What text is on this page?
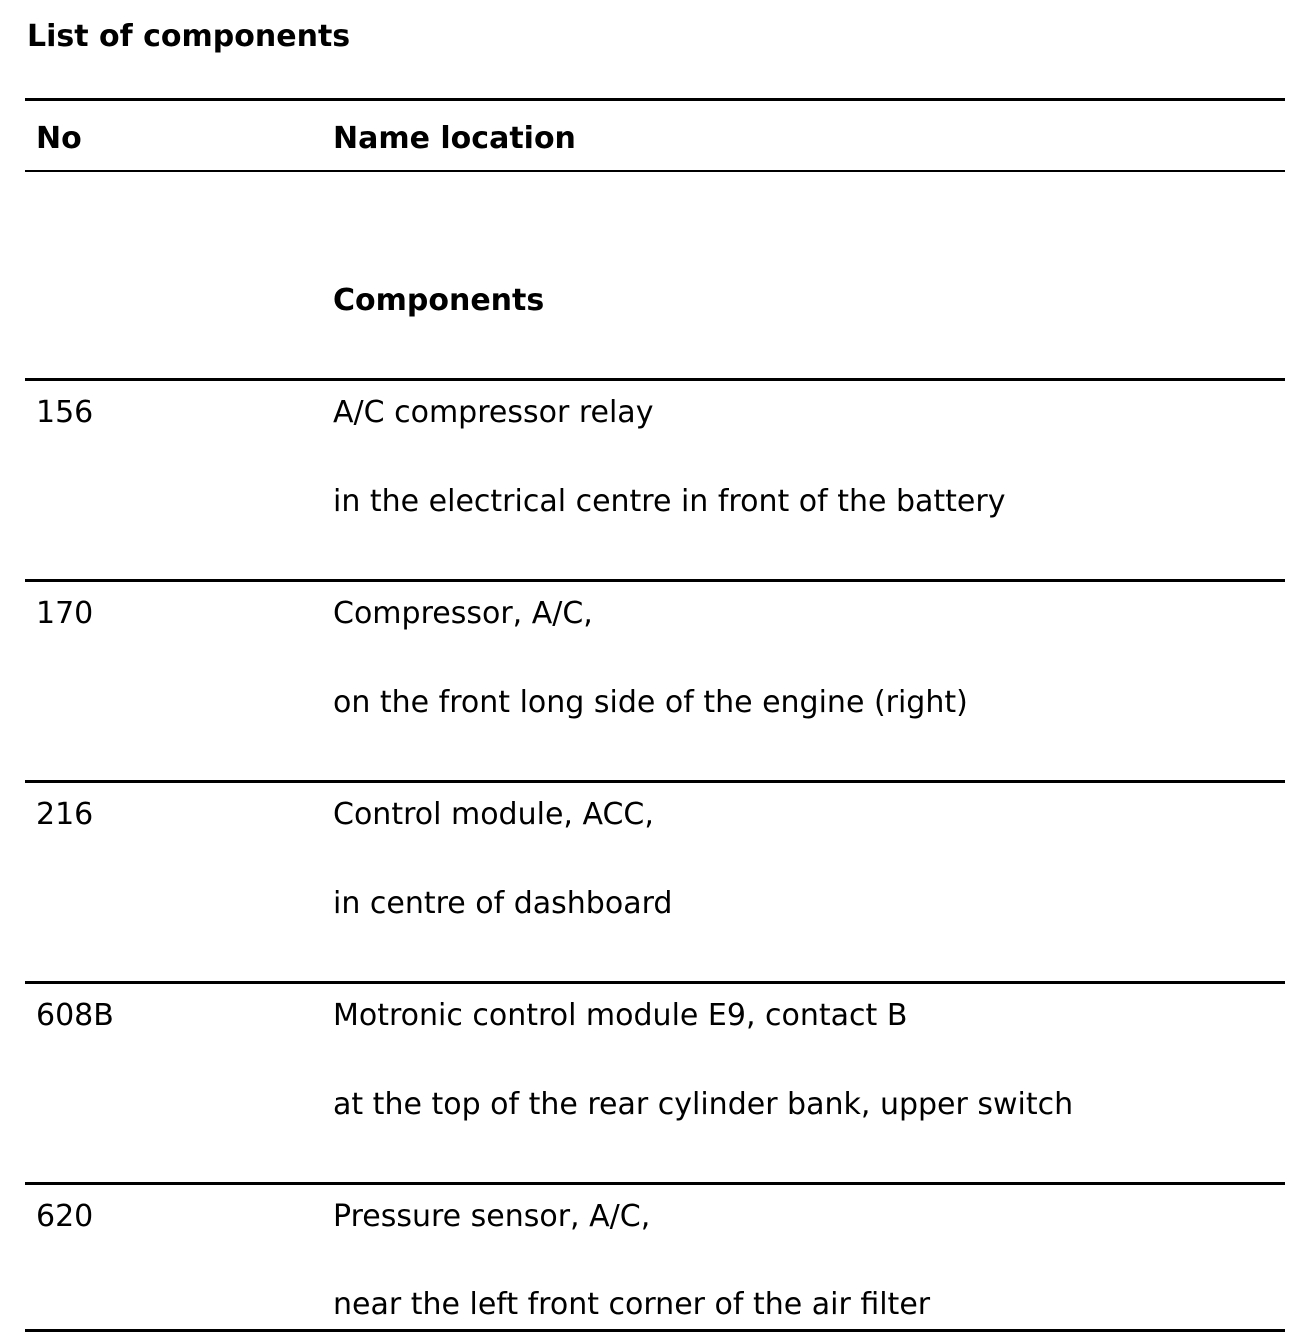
List of components
No	Name location
Components
156	A/C compressor relay
in the electrical centre in front of the battery
170	Compressor, A/C,
on the front long side of the engine (right)
216	Control module, ACC,
in centre of dashboard
608B	Motronic control module E9, contact B
at the top of the rear cylinder bank, upper switch
620	Pressure sensor, A/C,
near the left front corner of the air filter
